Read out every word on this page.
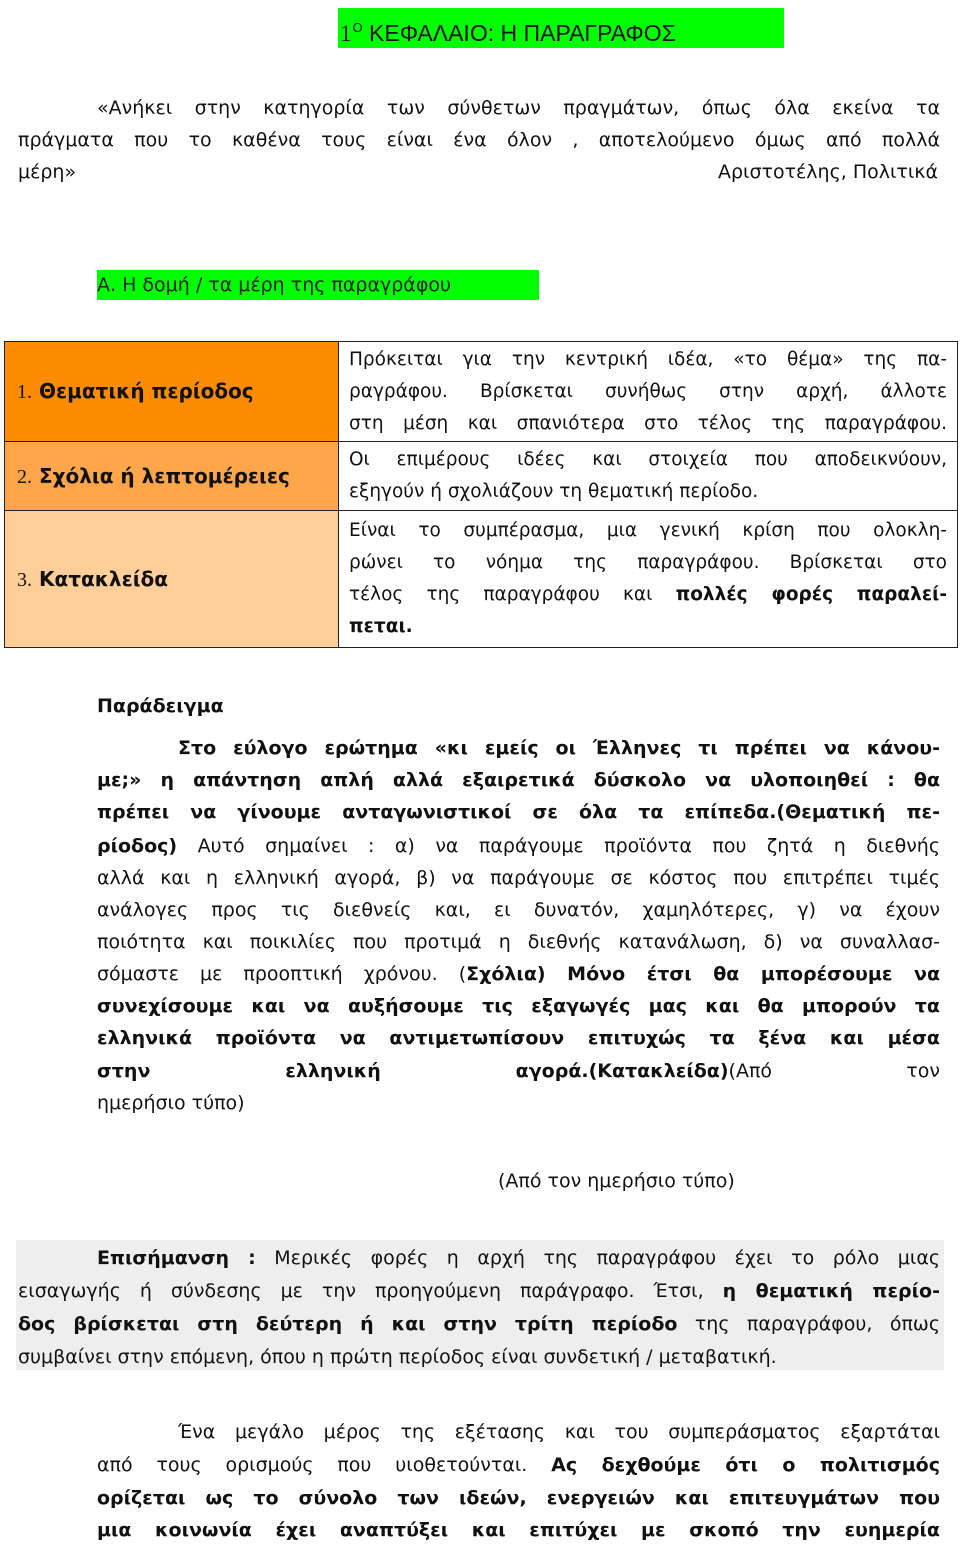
$1^O$ ΚΕΦΑΛΑΙΟ: Η ΠΑΡΑΓΡΑΦΟΣ
«Ανήκει στην κατηγορία των σύνθετων πραγμάτων, όπως όλα εκείνα τα
πράγματα που το καθένα τους είναι ένα όλον , αποτελούμενο όμως από πολλά
μέρη»	Αριστοτέλης, Πολιτικά
Α. Η δομή / τα μέρη της παραγράφου
1. Θεματική περίοδος	Πρόκειται για την κεντρική ιδέα, «το θέμα» της πα-
ραγράφου. Βρίσκεται συνήθως στην αρχή, άλλοτε
στη μέση και σπανιότερα στο τέλος της παραγράφου.

2. Σχόλια ή λεπτομέρειες	Οι επιμέρους ιδέες και στοιχεία που αποδεικνύουν,
εξηγούν ή σχολιάζουν τη θεματική περίοδο.

3. Κατακλείδα	Είναι το συμπέρασμα, μια γενική κρίση που ολοκλη-
ρώνει το νόημα της παραγράφου. Βρίσκεται στο
τέλος της παραγράφου και πολλές φορές παραλεί-
πεται.
Παράδειγμα
Στο εύλογο ερώτημα «κι εμείς οι Έλληνες τι πρέπει να κάνου-
με;» η απάντηση απλή αλλά εξαιρετικά δύσκολο να υλοποιηθεί : θα
πρέπει να γίνουμε ανταγωνιστικοί σε όλα τα επίπεδα.(Θεματική πε-
ρίοδος) Αυτό σημαίνει : α) να παράγουμε προϊόντα που ζητά η διεθνής
αλλά και η ελληνική αγορά, β) να παράγουμε σε κόστος που επιτρέπει τιμές
ανάλογες προς τις διεθνείς και, ει δυνατόν, χαμηλότερες, γ) να έχουν
ποιότητα και ποικιλίες που προτιμά η διεθνής κατανάλωση, δ) να συναλλασ-
σόμαστε με προοπτική χρόνου. (Σχόλια) Μόνο έτσι θα μπορέσουμε να
συνεχίσουμε και να αυξήσουμε τις εξαγωγές μας και θα μπορούν τα
ελληνικά προϊόντα να αντιμετωπίσουν επιτυχώς τα ξένα και μέσα
στην ελληνική αγορά.(Κατακλείδα)(Από τον
ημερήσιο τύπο)
(Από τον ημερήσιο τύπο)
Επισήμανση : Μερικές φορές η αρχή της παραγράφου έχει το ρόλο μιας
εισαγωγής ή σύνδεσης με την προηγούμενη παράγραφο. Έτσι, η θεματική περίο-
δος βρίσκεται στη δεύτερη ή και στην τρίτη περίοδο της παραγράφου, όπως
συμβαίνει στην επόμενη, όπου η πρώτη περίοδος είναι συνδετική / μεταβατική.
Ένα μεγάλο μέρος της εξέτασης και του συμπεράσματος εξαρτάται
από τους ορισμούς που υιοθετούνται. Ας δεχθούμε ότι ο πολιτισμός
ορίζεται ως το σύνολο των ιδεών, ενεργειών και επιτευγμάτων που
μια κοινωνία έχει αναπτύξει και επιτύχει με σκοπό την ευημερία
